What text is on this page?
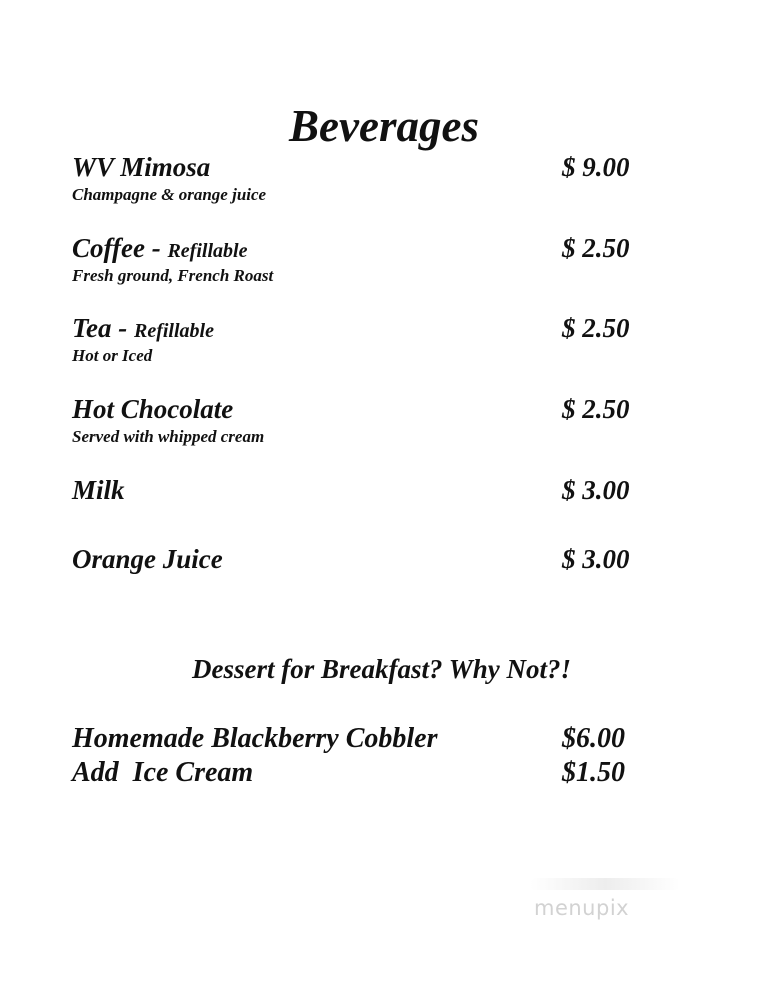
Beverages
WV Mimosa
Champagne & orange juice
$ 9.00
Coffee - Refillable
Fresh ground, French Roast
$ 2.50
Tea - Refillable
Hot or Iced
$ 2.50
Hot Chocolate
Served with whipped cream
$ 2.50
Milk	$ 3.00
Orange Juice	$ 3.00
Dessert for Breakfast? Why Not?!
Homemade Blackberry Cobbler	$6.00
Add  Ice Cream	$1.50
menupix
